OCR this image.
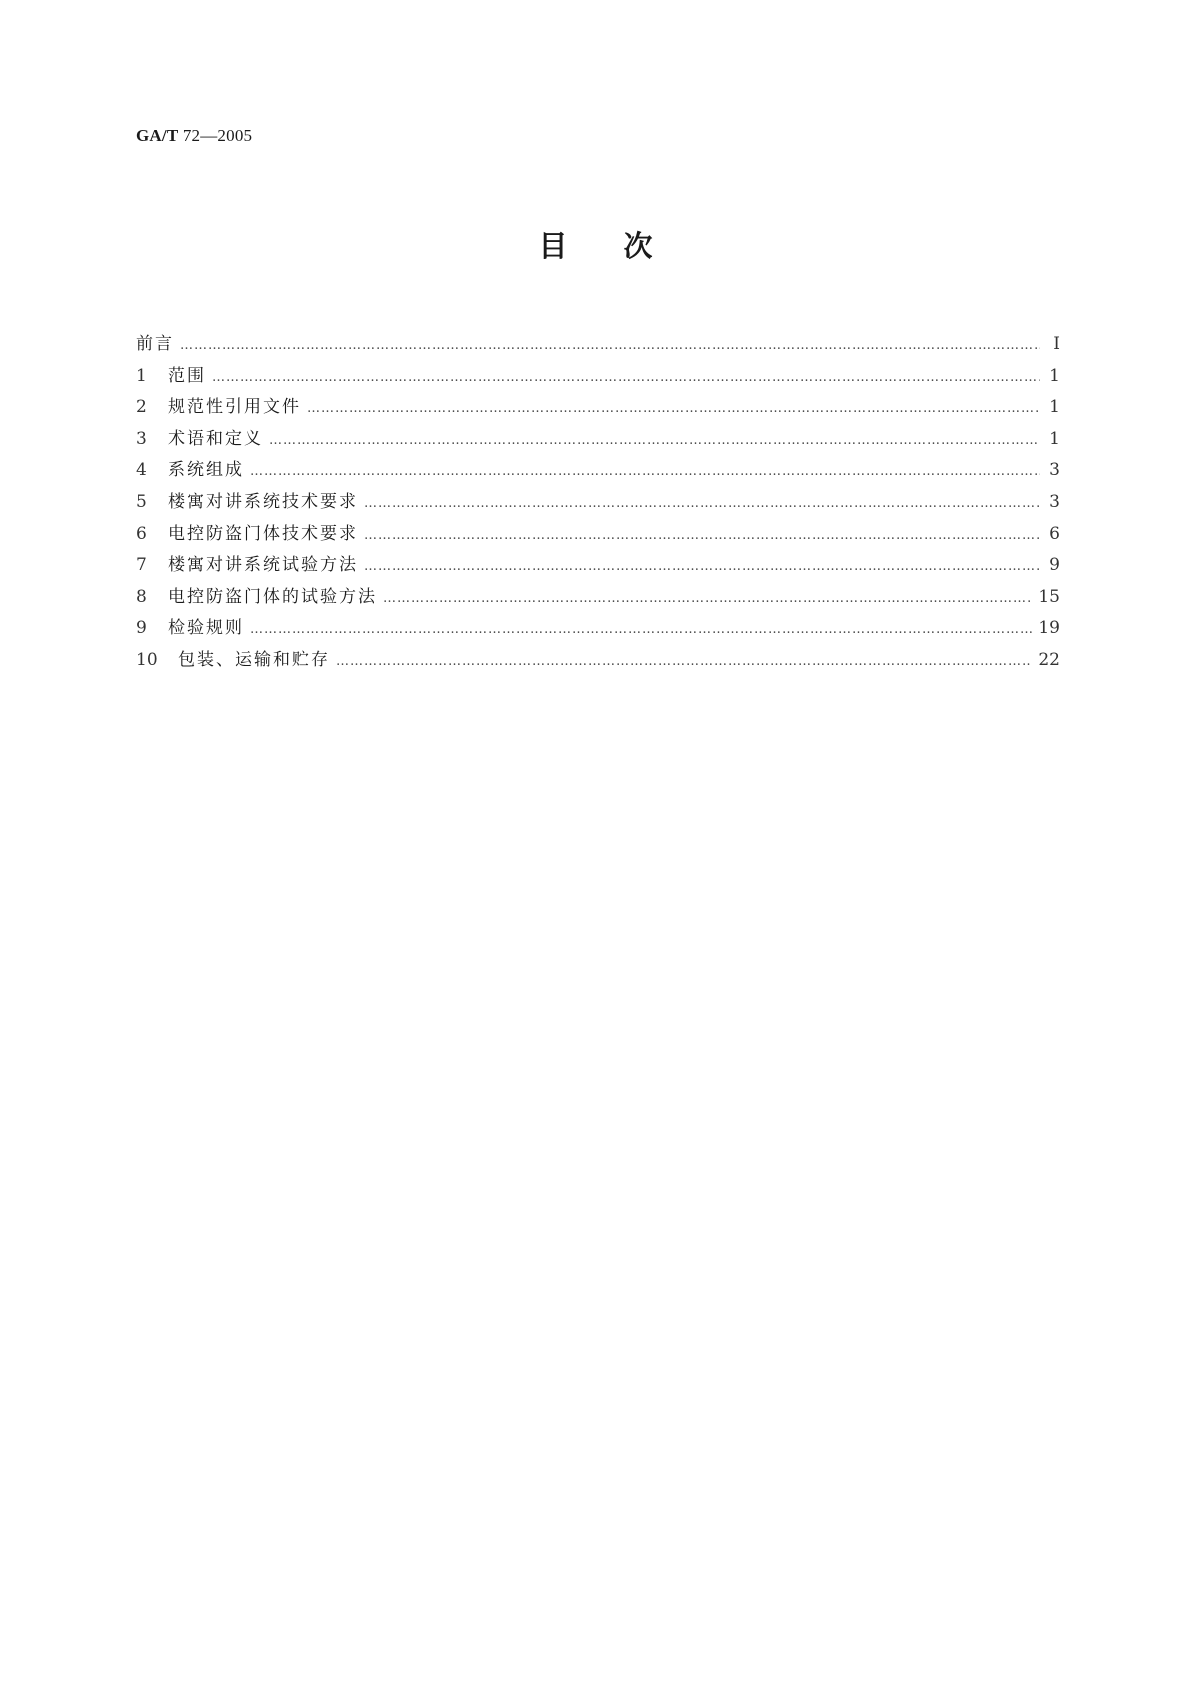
GA/T 72—2005
目次
前言 …………………………………………………………………………………………………………………………………………………………………………………………………………………………………………	Ⅰ
1	范围 …………………………………………………………………………………………………………………………………………………………………………………………………………………………………………	1
2	规范性引用文件 …………………………………………………………………………………………………………………………………………………………………………………………………………………………………………	1
3	术语和定义 …………………………………………………………………………………………………………………………………………………………………………………………………………………………………………	1
4	系统组成 …………………………………………………………………………………………………………………………………………………………………………………………………………………………………………	3
5	楼寓对讲系统技术要求 …………………………………………………………………………………………………………………………………………………………………………………………………………………………………………	3
6	电控防盗门体技术要求 …………………………………………………………………………………………………………………………………………………………………………………………………………………………………………	6
7	楼寓对讲系统试验方法 …………………………………………………………………………………………………………………………………………………………………………………………………………………………………………	9
8	电控防盗门体的试验方法 …………………………………………………………………………………………………………………………………………………………………………………………………………………………………………	15
9	检验规则 …………………………………………………………………………………………………………………………………………………………………………………………………………………………………………	19
10	包装、运输和贮存 …………………………………………………………………………………………………………………………………………………………………………………………………………………………………………	22
